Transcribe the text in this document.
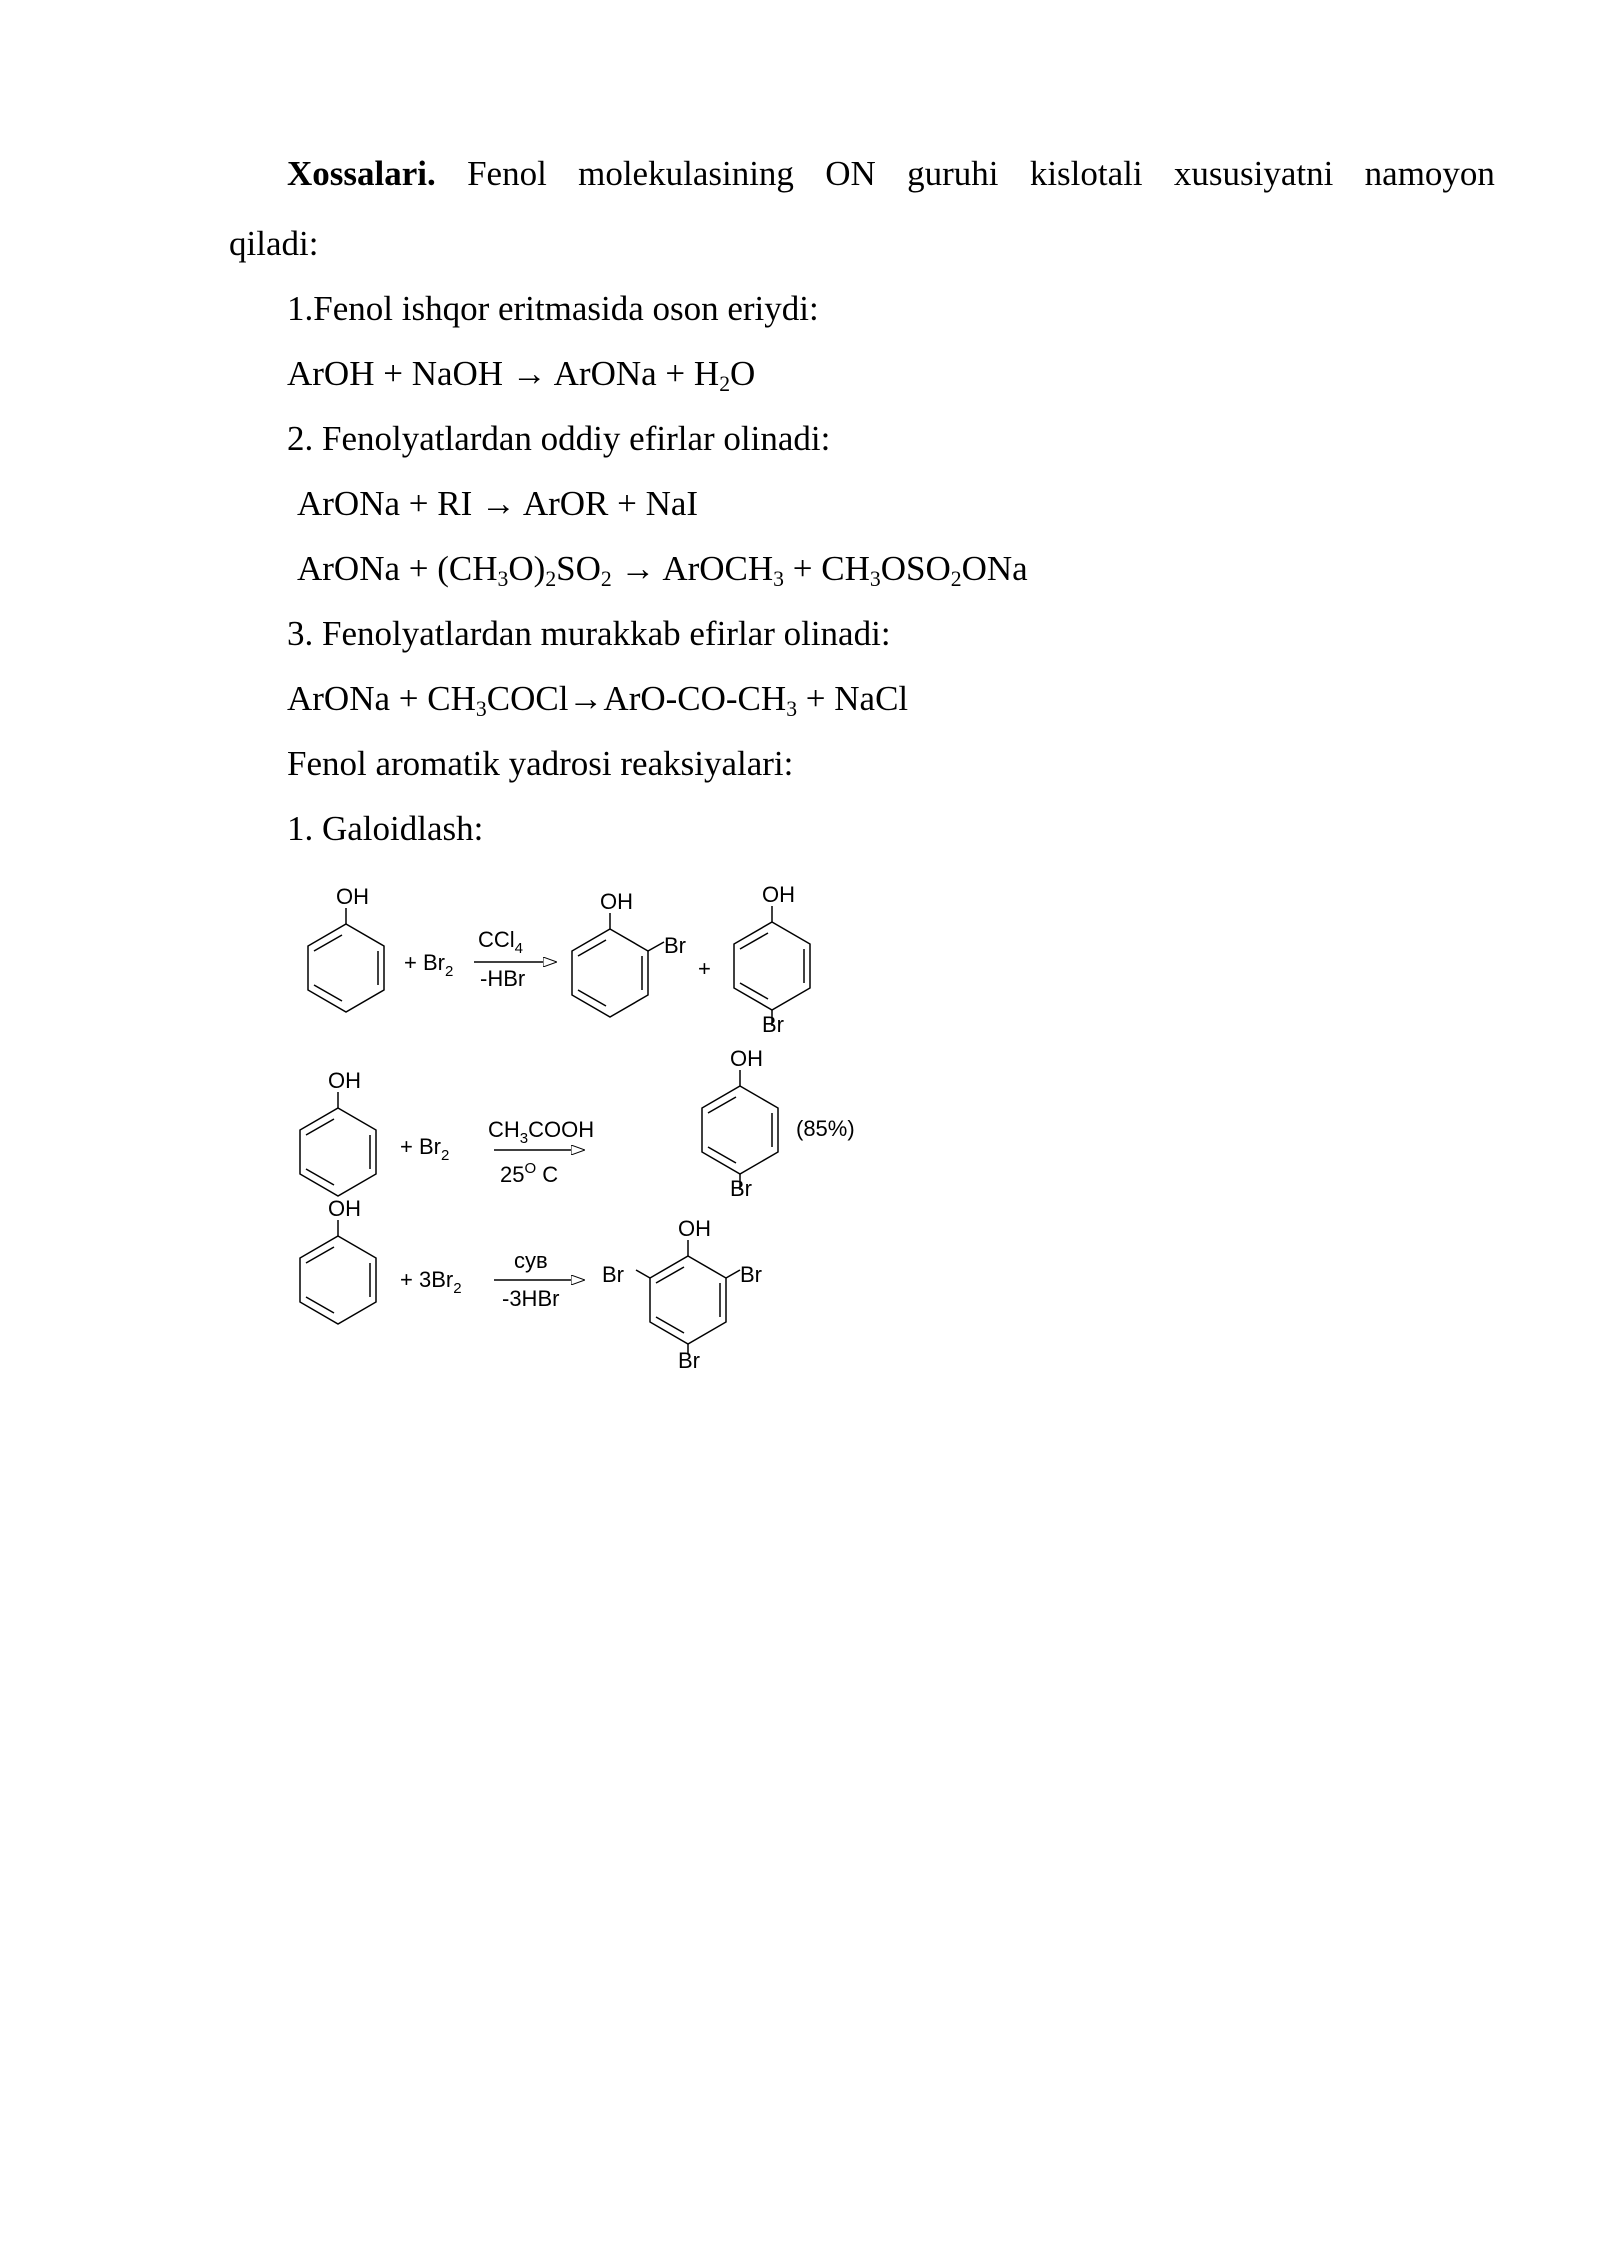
Xossalari. Fenol molekulasining ON guruhi kislotali xususiyatni namoyon
qiladi:
1.Fenol ishqor eritmasida oson eriydi:
ArOH + NaOH → ArONa + $H_2O$
2. Fenolyatlardan oddiy efirlar olinadi:
ArONa + RI → ArOR + NaI
ArONa + $(CH_3O)_2SO_2$ → ArOCH$_3$ + $CH_3OSO_2ONa$
3. Fenolyatlardan murakkab efirlar olinadi:
ArONa + $CH_3COCl\to ArO-CO-CH_3$ + NaCl
Fenol aromatik yadrosi reaksiyalari:
1. Galoidlash:
OH
+ $Br_2$
CCl$_4$
-HBr
OH
Br
+
OH
Br
OH
+ $Br_2$
$CH_3COOH$
$25^O$ C
OH
Br
(85%)
OH
+ $3Br_2$
сув
-3HBr
OH
Br
Br
Br
